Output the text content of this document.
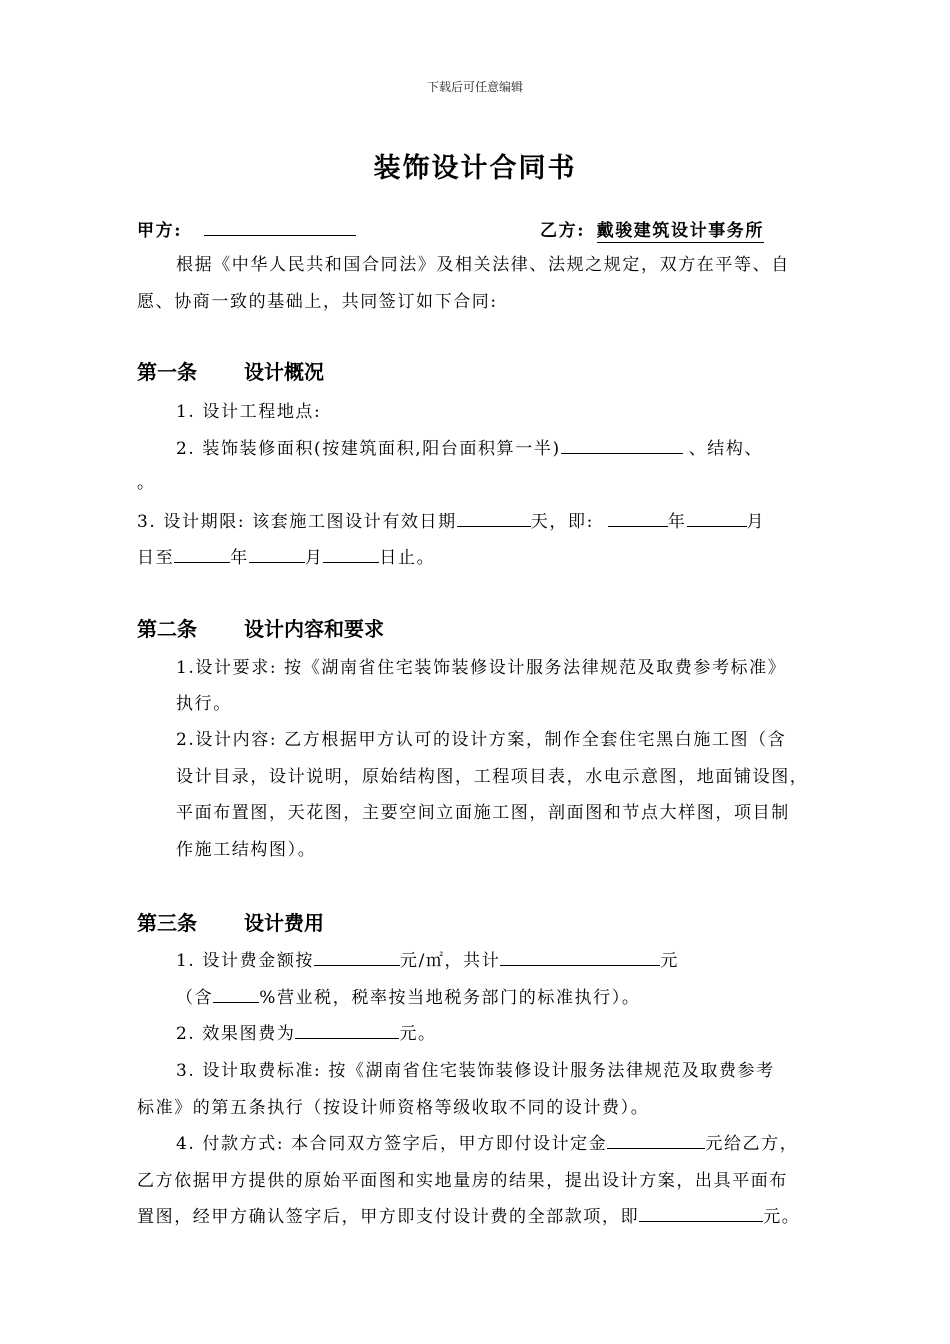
下载后可任意编辑
装饰设计合同书
甲方:	乙方: 戴骏建筑设计事务所
根据《中华人民共和国合同法》及相关法律、法规之规定，双方在平等、自
愿、协商一致的基础上，共同签订如下合同:
第一条 设计概况
1. 设计工程地点:
2. 装饰装修面积(按建筑面积,阳台面积算一半)	、结构、
。
3. 设计期限: 该套施工图设计有效日期	天，即:	年	月
日至	年	月	日止。
第二条 设计内容和要求
1.设计要求: 按《湖南省住宅装饰装修设计服务法律规范及取费参考标准》
执行。
2.设计内容: 乙方根据甲方认可的设计方案，制作全套住宅黑白施工图（含
设计目录，设计说明，原始结构图，工程项目表，水电示意图，地面铺设图，
平面布置图，天花图，主要空间立面施工图，剖面图和节点大样图，项目制
作施工结构图）。
第三条 设计费用
1. 设计费金额按	元/㎡，共计	元
（含	%营业税，税率按当地税务部门的标准执行）。
2. 效果图费为	元。
3. 设计取费标准: 按《湖南省住宅装饰装修设计服务法律规范及取费参考
标准》的第五条执行（按设计师资格等级收取不同的设计费）。
4. 付款方式: 本合同双方签字后，甲方即付设计定金	元给乙方，
乙方依据甲方提供的原始平面图和实地量房的结果，提出设计方案，出具平面布
置图，经甲方确认签字后，甲方即支付设计费的全部款项，即	元。
